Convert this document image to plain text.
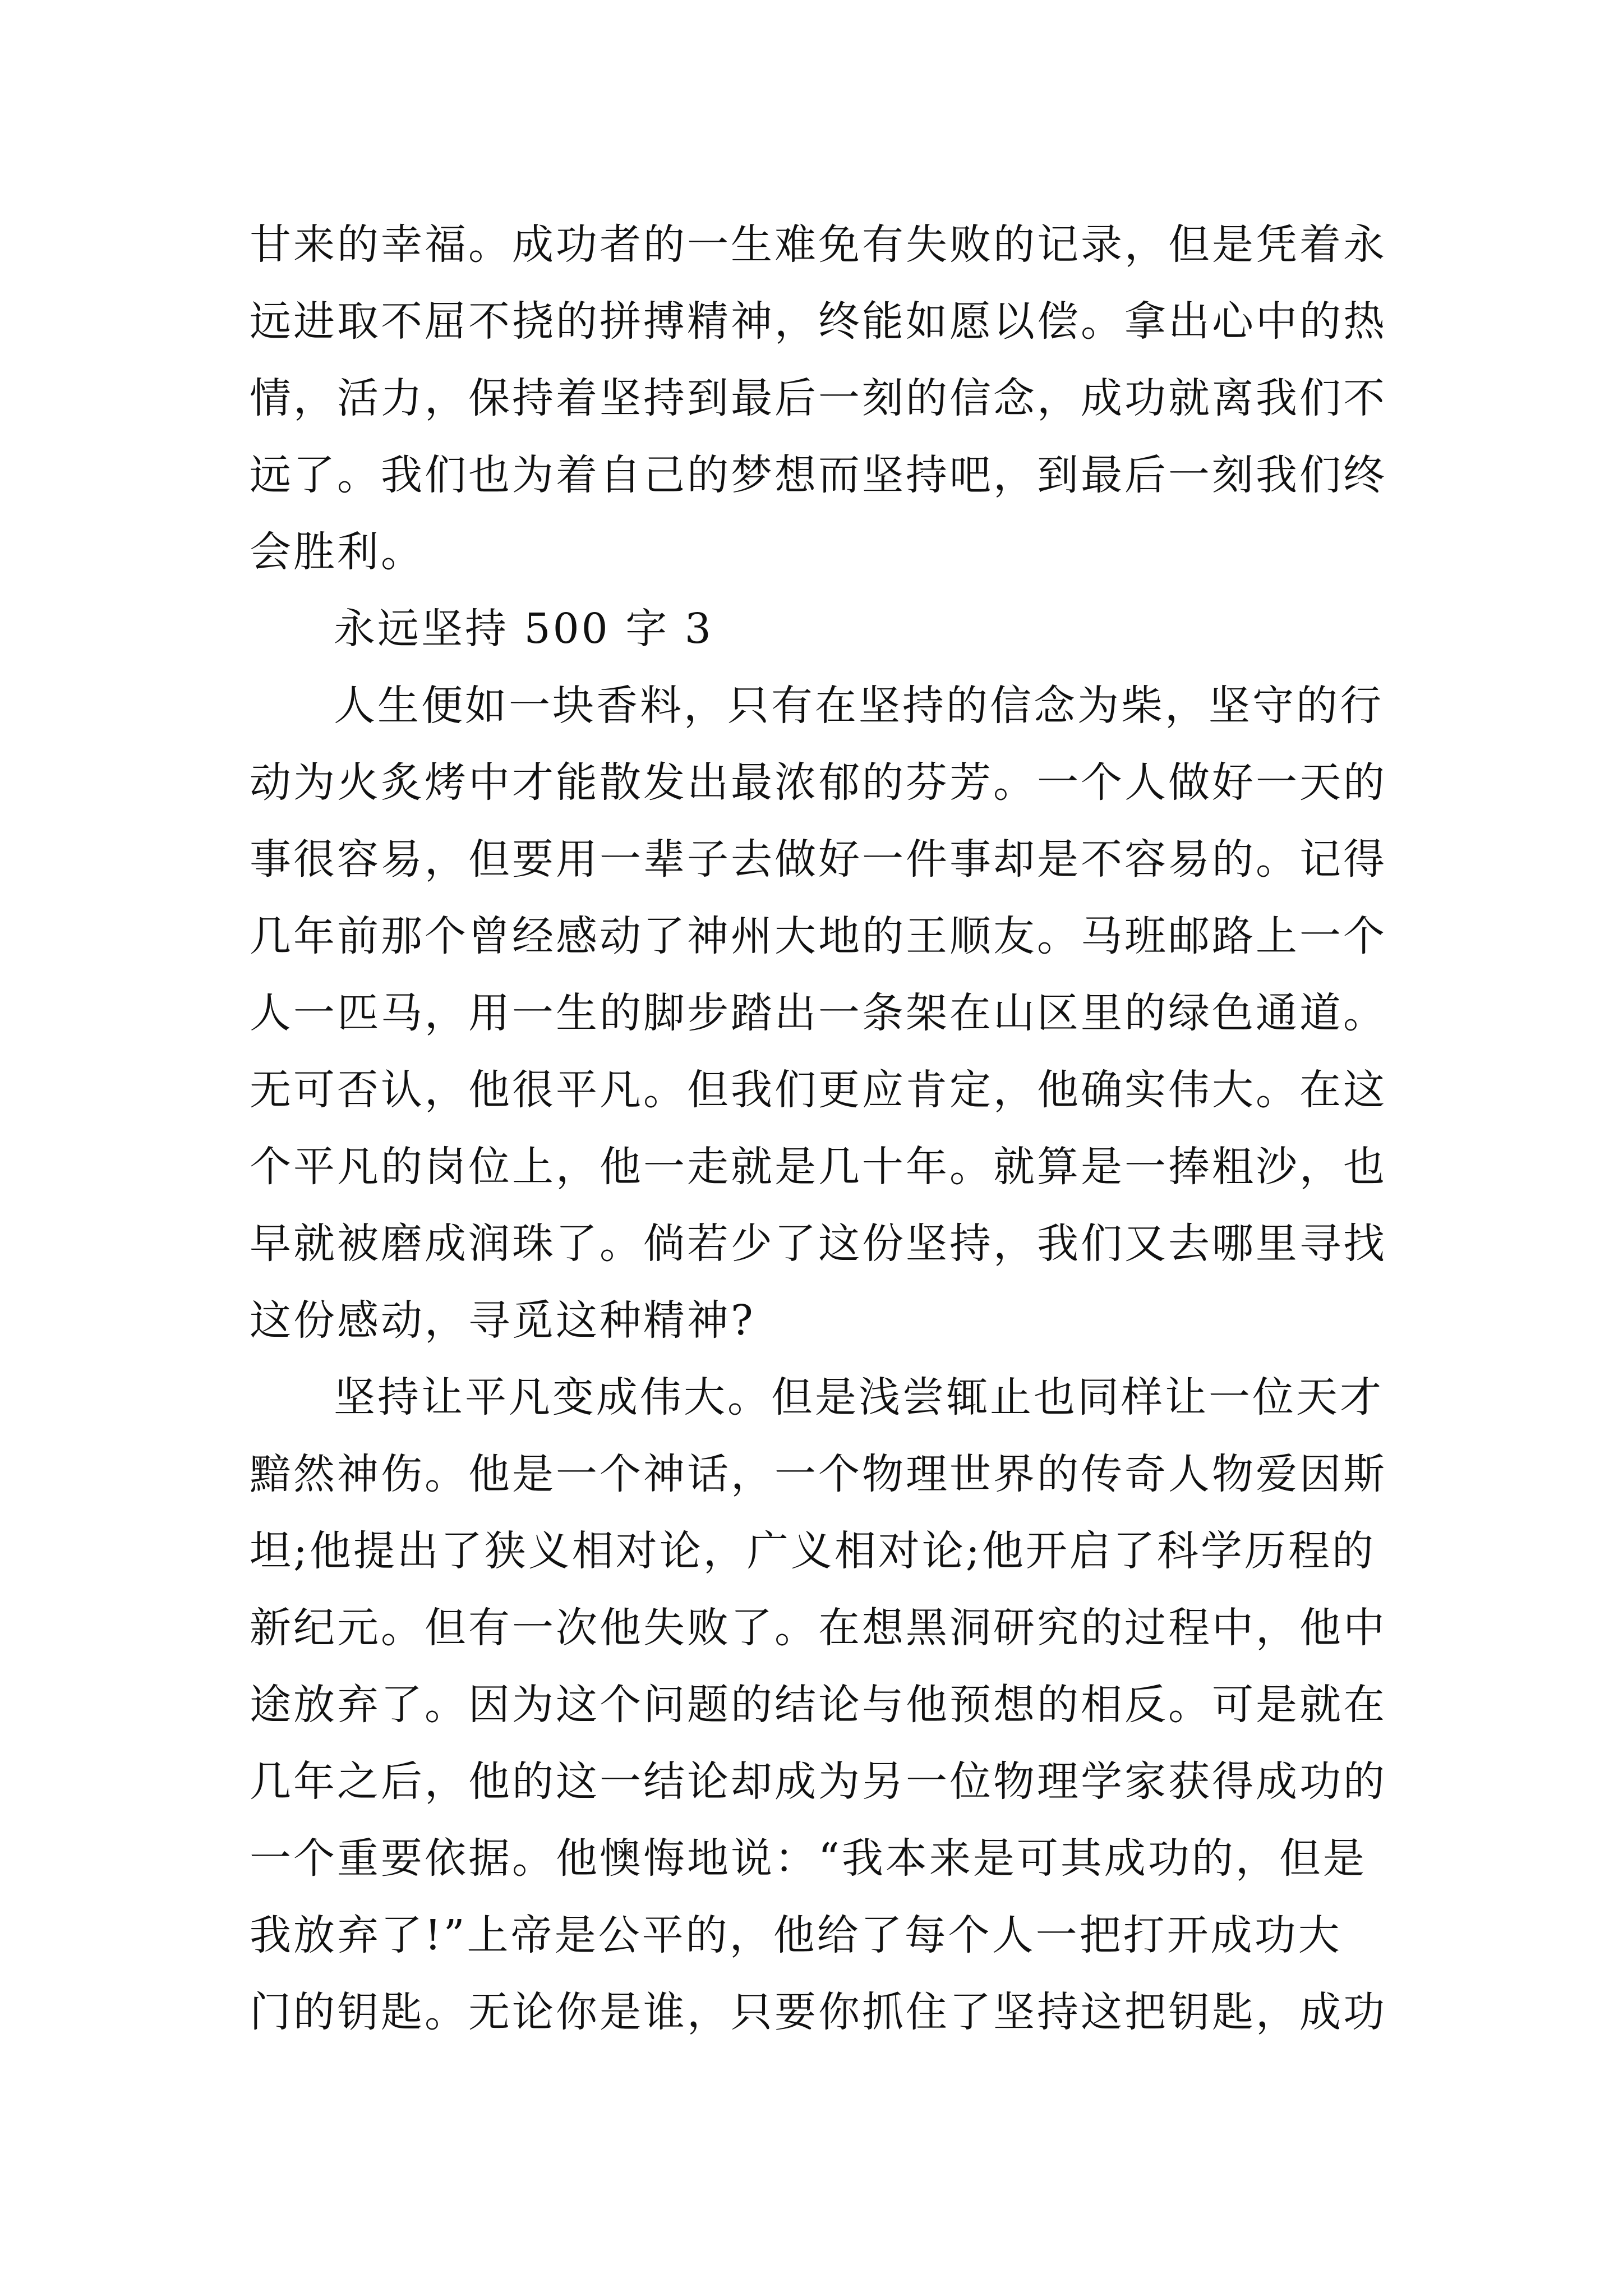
甘来的幸福。成功者的一生难免有失败的记录，但是凭着永
远进取不屈不挠的拼搏精神，终能如愿以偿。拿出心中的热
情，活力，保持着坚持到最后一刻的信念，成功就离我们不
远了。我们也为着自己的梦想而坚持吧，到最后一刻我们终
会胜利。
永远坚持 500 字 3
人生便如一块香料，只有在坚持的信念为柴，坚守的行
动为火炙烤中才能散发出最浓郁的芬芳。一个人做好一天的
事很容易，但要用一辈子去做好一件事却是不容易的。记得
几年前那个曾经感动了神州大地的王顺友。马班邮路上一个
人一匹马，用一生的脚步踏出一条架在山区里的绿色通道。
无可否认，他很平凡。但我们更应肯定，他确实伟大。在这
个平凡的岗位上，他一走就是几十年。就算是一捧粗沙，也
早就被磨成润珠了。倘若少了这份坚持，我们又去哪里寻找
这份感动，寻觅这种精神?
坚持让平凡变成伟大。但是浅尝辄止也同样让一位天才
黯然神伤。他是一个神话，一个物理世界的传奇人物爱因斯
坦;他提出了狭义相对论，广义相对论;他开启了科学历程的
新纪元。但有一次他失败了。在想黑洞研究的过程中，他中
途放弃了。因为这个问题的结论与他预想的相反。可是就在
几年之后，他的这一结论却成为另一位物理学家获得成功的
一个重要依据。他懊悔地说：“我本来是可其成功的，但是
我放弃了!”上帝是公平的，他给了每个人一把打开成功大
门的钥匙。无论你是谁，只要你抓住了坚持这把钥匙，成功
